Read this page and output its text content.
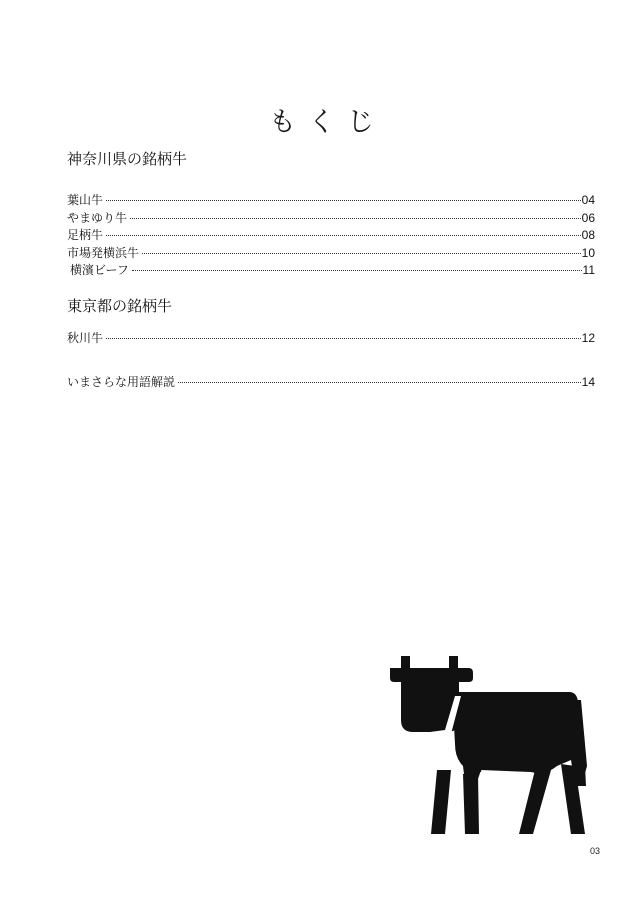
もくじ
神奈川県の銘柄牛
葉山牛	04
やまゆり牛	06
足柄牛	08
市場発横浜牛	10
横濱ビーフ	11
東京都の銘柄牛
秋川牛	12
いまさらな用語解説	14
03
